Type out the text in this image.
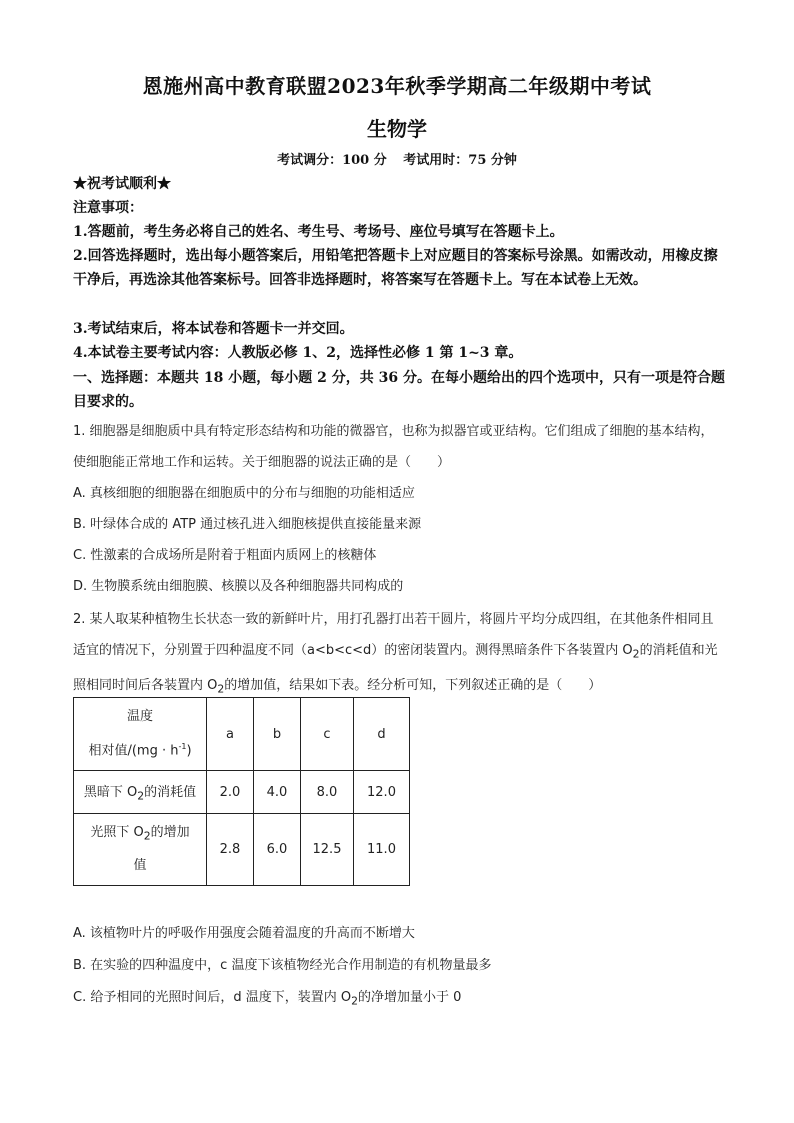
恩施州高中教育联盟2023年秋季学期高二年级期中考试
生物学
考试调分：100 分 考试用时：75 分钟
★祝考试顺利★
注意事项：
1.答题前，考生务必将自己的姓名、考生号、考场号、座位号填写在答题卡上。
2.回答选择题时，选出每小题答案后，用铅笔把答题卡上对应题目的答案标号涂黑。如需改动，用橡皮擦干净后，再选涂其他答案标号。回答非选择题时，将答案写在答题卡上。写在本试卷上无效。
3.考试结束后，将本试卷和答题卡一并交回。
4.本试卷主要考试内容：人教版必修 1、2，选择性必修 1 第 1~3 章。
一、选择题：本题共 18 小题，每小题 2 分，共 36 分。在每小题给出的四个选项中，只有一项是符合题目要求的。
1. 细胞器是细胞质中具有特定形态结构和功能的微器官，也称为拟器官或亚结构。它们组成了细胞的基本结构，使细胞能正常地工作和运转。关于细胞器的说法正确的是（　　）
A. 真核细胞的细胞器在细胞质中的分布与细胞的功能相适应
B. 叶绿体合成的 ATP 通过核孔进入细胞核提供直接能量来源
C. 性激素的合成场所是附着于粗面内质网上的核糖体
D. 生物膜系统由细胞膜、核膜以及各种细胞器共同构成的
2. 某人取某种植物生长状态一致的新鲜叶片，用打孔器打出若干圆片，将圆片平均分成四组，在其他条件相同且适宜的情况下，分别置于四种温度不同（a<b<c<d）的密闭装置内。测得黑暗条件下各装置内 $O_2$的消耗值和光照相同时间后各装置内 $O_2$的增加值，结果如下表。经分析可知，下列叙述正确的是（　　）
温度
相对值$/(mg \cdot h^{-1})$	a	b	c	d
黑暗下 $O_2$的消耗值	2.0	4.0	8.0	12.0
光照下 $O_2$的增加值	2.8	6.0	12.5	11.0
A. 该植物叶片的呼吸作用强度会随着温度的升高而不断增大
B. 在实验的四种温度中，c 温度下该植物经光合作用制造的有机物量最多
C. 给予相同的光照时间后，d 温度下，装置内 $O_2$的净增加量小于 0
